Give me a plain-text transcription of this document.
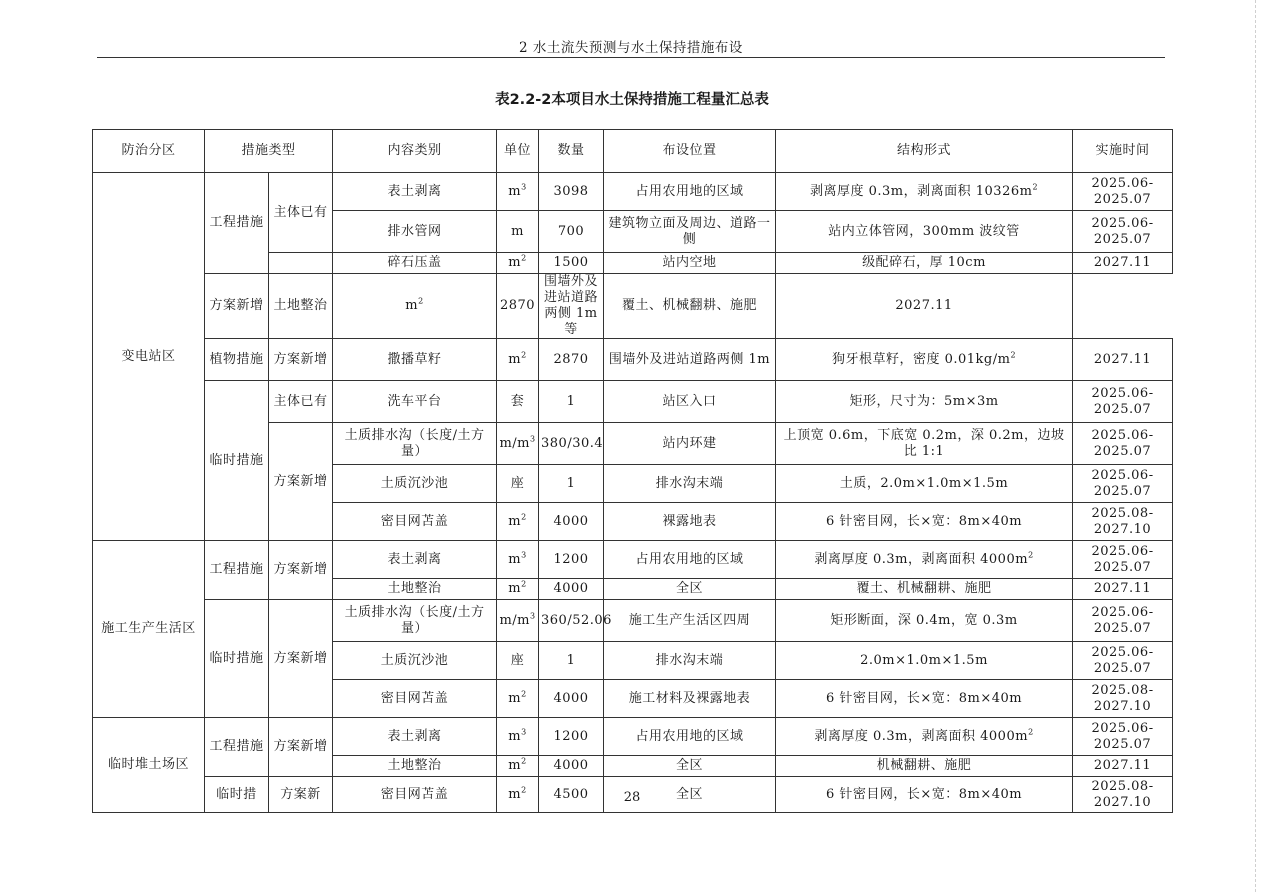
2 水土流失预测与水土保持措施布设
表2.2-2本项目水土保持措施工程量汇总表
防治分区	措施类型		内容类别	单位	数量	布设位置	结构形式	实施时间
变电站区	工程措施	主体已有	表土剥离	$m^3$	3098	占用农用地的区域	剥离厚度 0.3m，剥离面积 $10326m^2$	2025.06-2025.07
			排水管网	m	700	建筑物立面及周边、道路一侧	站内立体管网，300mm 波纹管	2025.06-2025.07
			碎石压盖	$m^2$	1500	站内空地	级配碎石，厚 10cm	2027.11
	方案新增	土地整治	$m^2$	2870	围墙外及进站道路两侧 1m 等	覆土、机械翻耕、施肥	2027.11	
	植物措施	方案新增	撒播草籽	$m^2$	2870	围墙外及进站道路两侧 1m	狗牙根草籽，密度 $0.01kg/m^2$	2027.11
	临时措施	主体已有	洗车平台	套	1	站区入口	矩形，尺寸为：5m×3m	2025.06-2025.07
		方案新增	土质排水沟（长度/土方量）	$m/m^3$	380/30.4	站内环建	上顶宽 0.6m，下底宽 0.2m，深 0.2m，边坡比 1:1	2025.06-2025.07
			土质沉沙池	座	1	排水沟末端	土质，2.0m×1.0m×1.5m	2025.06-2025.07
			密目网苫盖	$m^2$	4000	裸露地表	6 针密目网，长×宽：8m×40m	2025.08-2027.10
施工生产生活区	工程措施	方案新增	表土剥离	$m^3$	1200	占用农用地的区域	剥离厚度 0.3m，剥离面积 $4000m^2$	2025.06-2025.07
			土地整治	$m^2$	4000	全区	覆土、机械翻耕、施肥	2027.11
	临时措施	方案新增	土质排水沟（长度/土方量）	$m/m^3$	360/52.06	施工生产生活区四周	矩形断面，深 0.4m，宽 0.3m	2025.06-2025.07
			土质沉沙池	座	1	排水沟末端	2.0m×1.0m×1.5m	2025.06-2025.07
			密目网苫盖	$m^2$	4000	施工材料及裸露地表	6 针密目网，长×宽：8m×40m	2025.08-2027.10
临时堆土场区	工程措施	方案新增	表土剥离	$m^3$	1200	占用农用地的区域	剥离厚度 0.3m，剥离面积 $4000m^2$	2025.06-2025.07
			土地整治	$m^2$	4000	全区	机械翻耕、施肥	2027.11
	临时措	方案新	密目网苫盖	$m^2$	4500	全区	6 针密目网，长×宽：8m×40m	2025.08-2027.10
28
